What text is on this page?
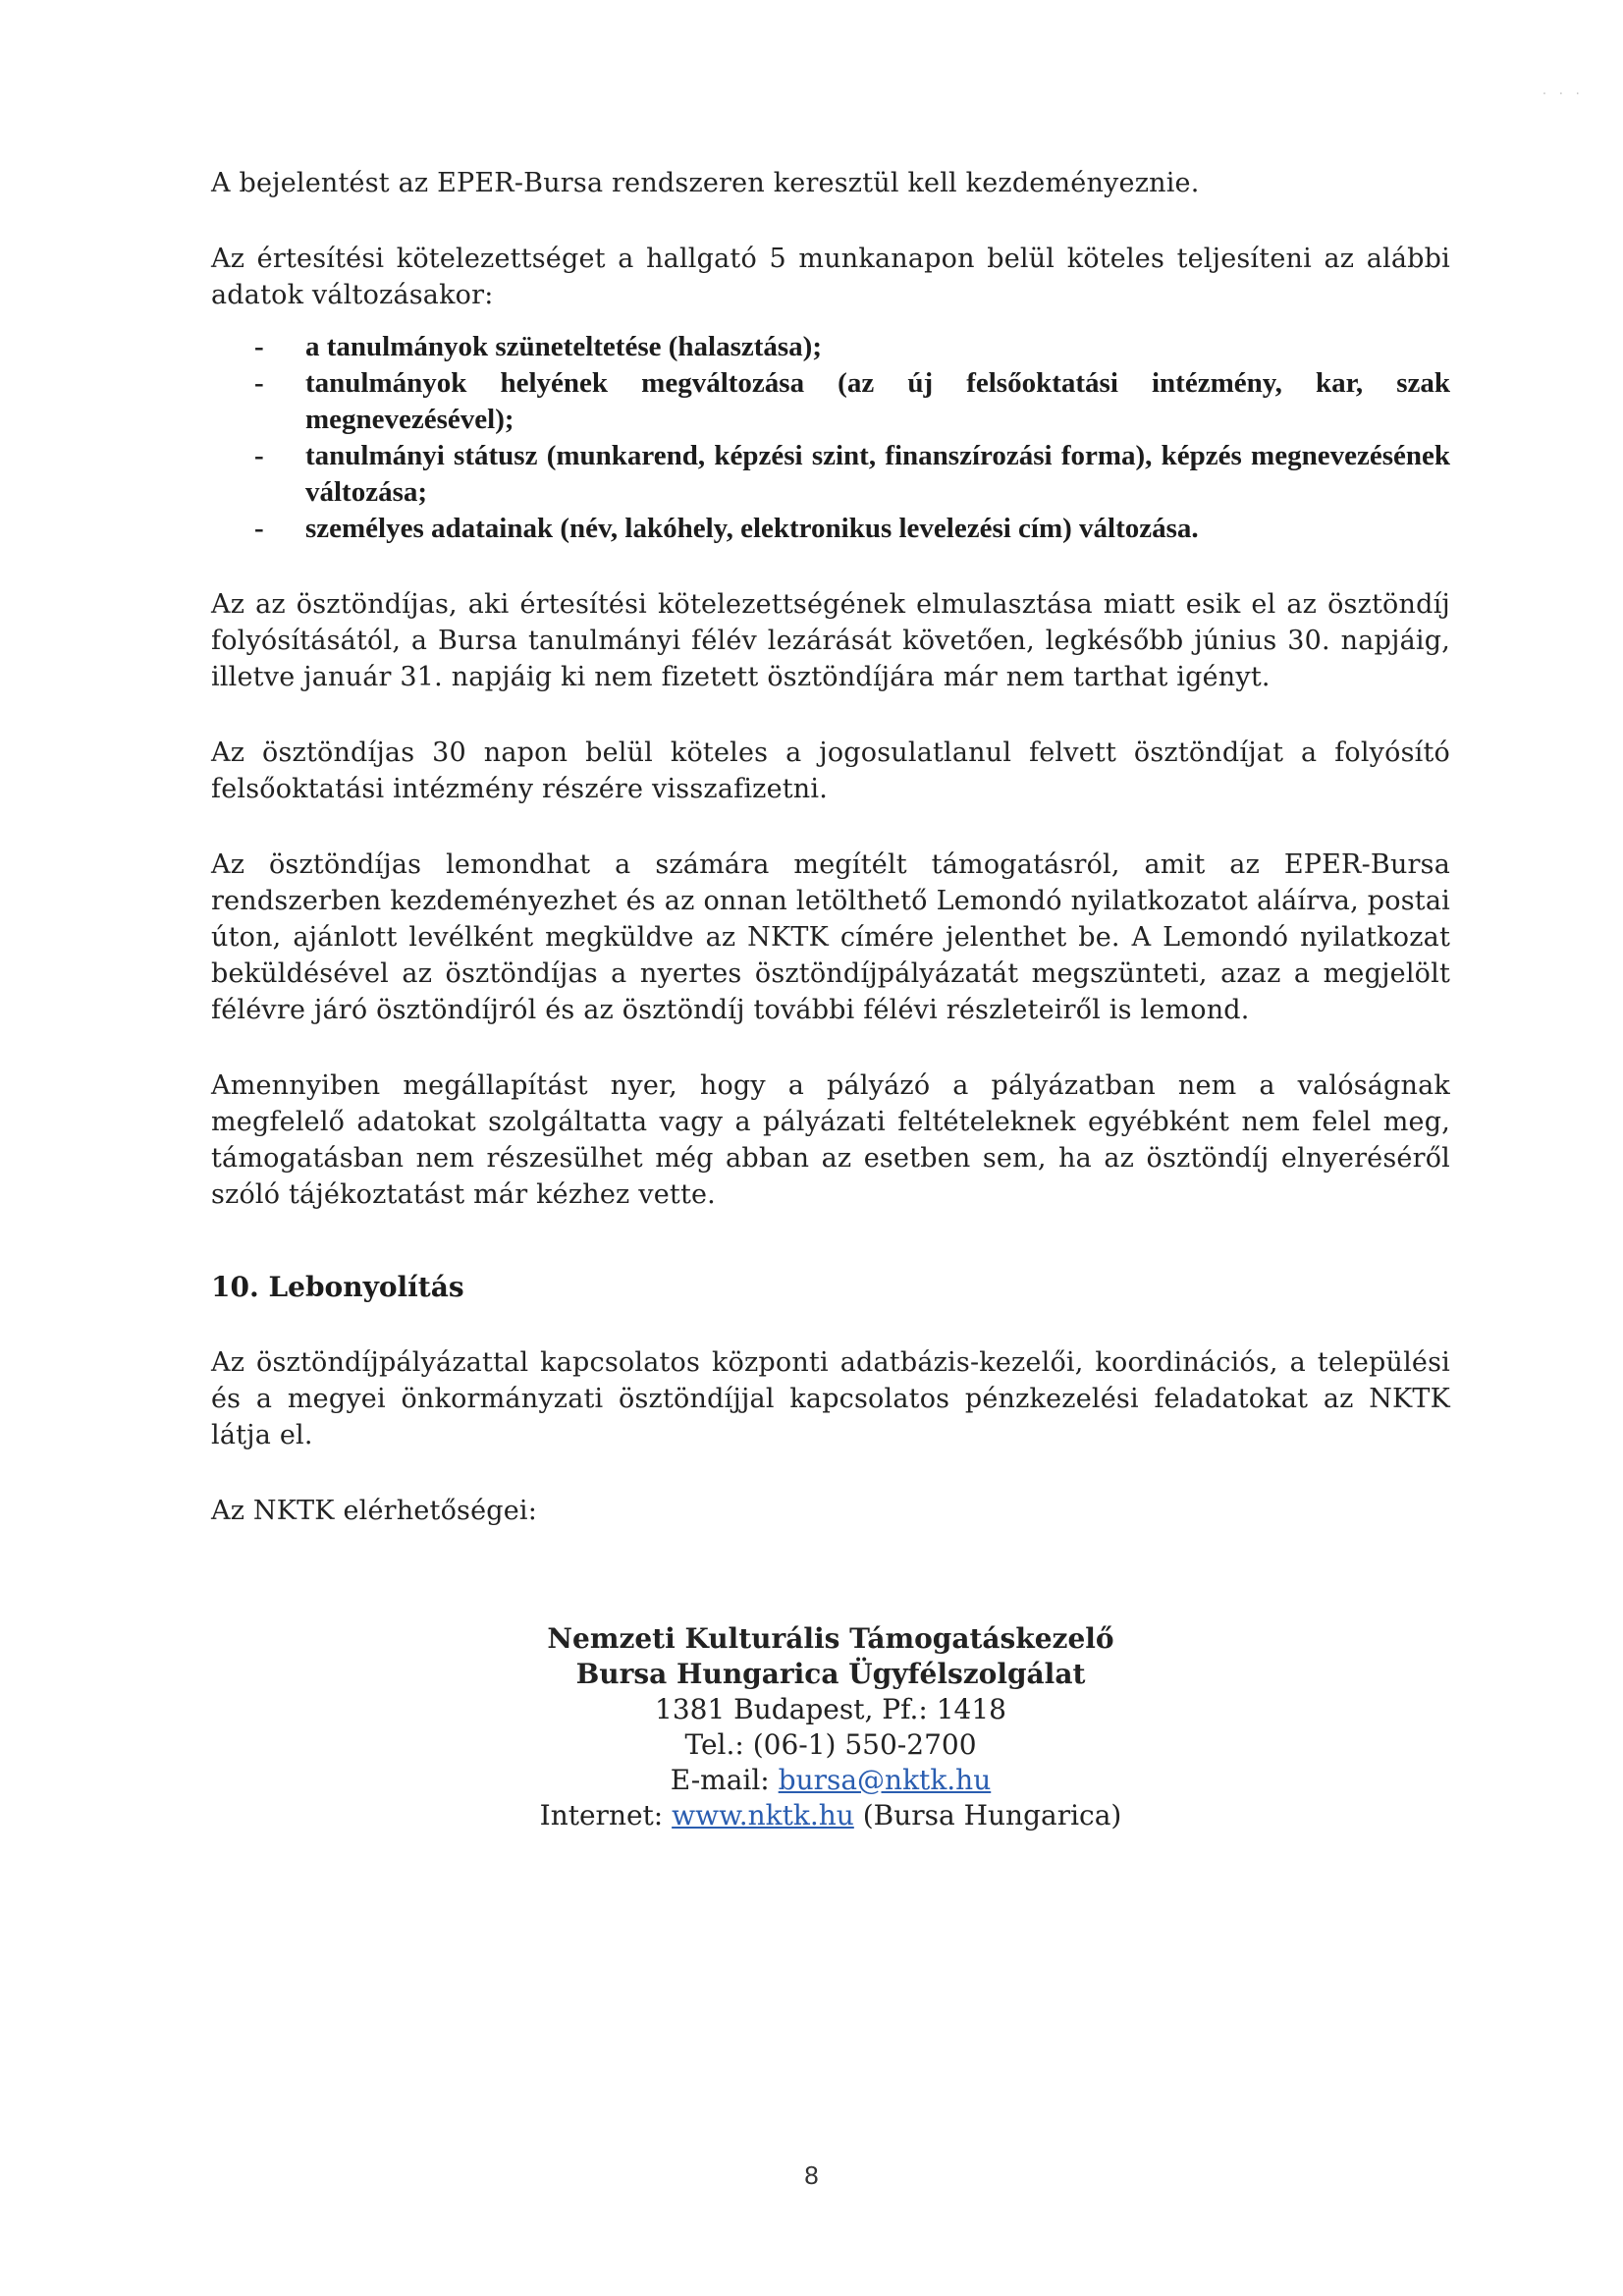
· · ·

A bejelentést az EPER-Bursa rendszeren keresztül kell kezdeményeznie.

Az értesítési kötelezettséget a hallgató 5 munkanapon belül köteles teljesíteni az alábbi adatok változásakor:

- a tanulmányok szüneteltetése (halasztása);
- tanulmányok helyének megváltozása (az új felsőoktatási intézmény, kar, szak megnevezésével);
- tanulmányi státusz (munkarend, képzési szint, finanszírozási forma), képzés megnevezésének változása;
- személyes adatainak (név, lakóhely, elektronikus levelezési cím) változása.

Az az ösztöndíjas, aki értesítési kötelezettségének elmulasztása miatt esik el az ösztöndíj folyósításától, a Bursa tanulmányi félév lezárását követően, legkésőbb június 30. napjáig, illetve január 31. napjáig ki nem fizetett ösztöndíjára már nem tarthat igényt.

Az ösztöndíjas 30 napon belül köteles a jogosulatlanul felvett ösztöndíjat a folyósító felsőoktatási intézmény részére visszafizetni.

Az ösztöndíjas lemondhat a számára megítélt támogatásról, amit az EPER-Bursa rendszerben kezdeményezhet és az onnan letölthető Lemondó nyilatkozatot aláírva, postai úton, ajánlott levélként megküldve az NKTK címére jelenthet be. A Lemondó nyilatkozat beküldésével az ösztöndíjas a nyertes ösztöndíjpályázatát megszünteti, azaz a megjelölt félévre járó ösztöndíjról és az ösztöndíj további félévi részleteiről is lemond.

Amennyiben megállapítást nyer, hogy a pályázó a pályázatban nem a valóságnak megfelelő adatokat szolgáltatta vagy a pályázati feltételeknek egyébként nem felel meg, támogatásban nem részesülhet még abban az esetben sem, ha az ösztöndíj elnyeréséről szóló tájékoztatást már kézhez vette.

10. Lebonyolítás

Az ösztöndíjpályázattal kapcsolatos központi adatbázis-kezelői, koordinációs, a települési és a megyei önkormányzati ösztöndíjjal kapcsolatos pénzkezelési feladatokat az NKTK látja el.

Az NKTK elérhetőségei:

Nemzeti Kulturális Támogatáskezelő
Bursa Hungarica Ügyfélszolgálat
1381 Budapest, Pf.: 1418
Tel.: (06-1) 550-2700
E-mail: bursa@nktk.hu
Internet: www.nktk.hu (Bursa Hungarica)
8
